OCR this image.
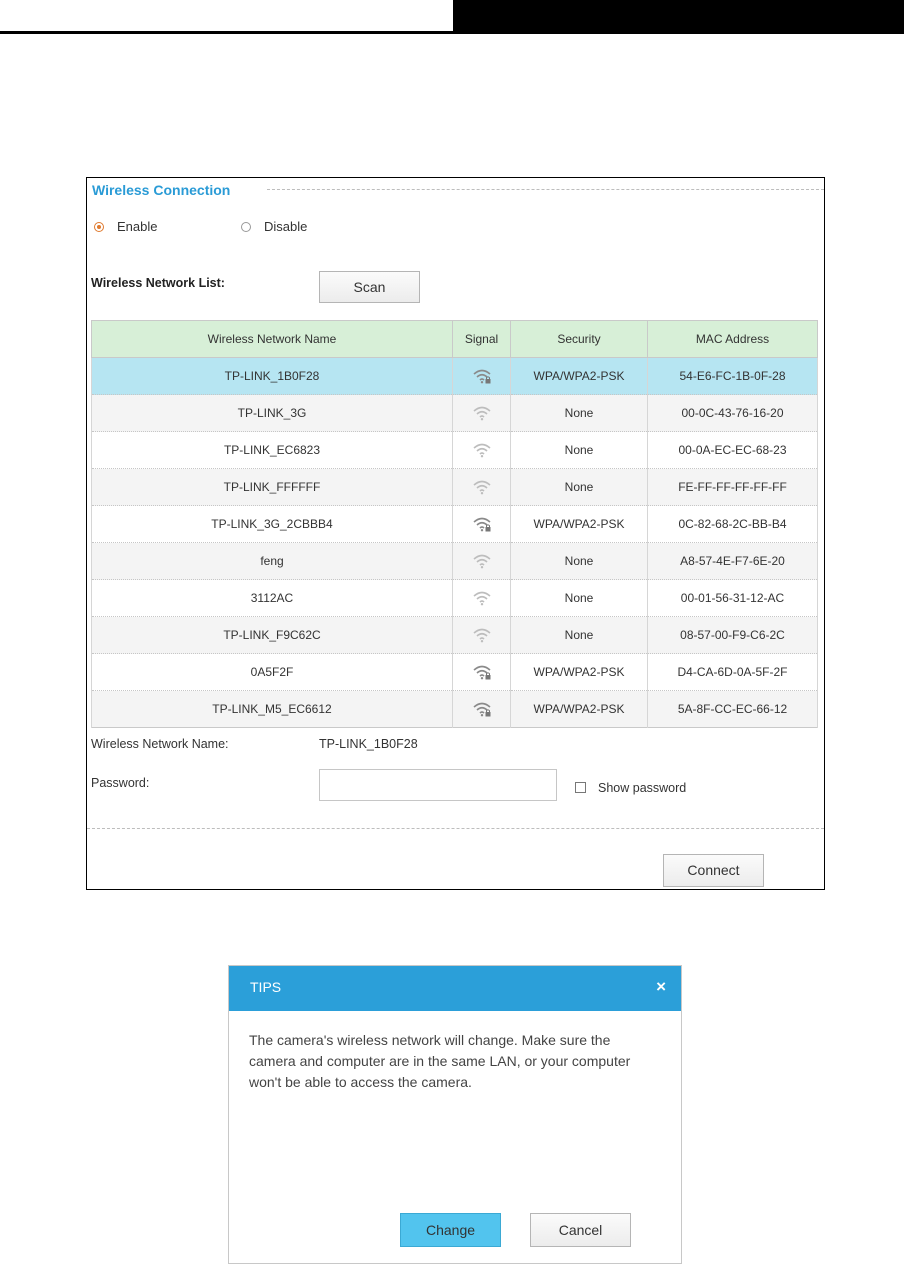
Wireless Connection
Enable	Disable
Wireless Network List:	Scan
Wireless Network Name	Signal	Security	MAC Address
TP-LINK_1B0F28		WPA/WPA2-PSK	54-E6-FC-1B-0F-28
TP-LINK_3G		None	00-0C-43-76-16-20
TP-LINK_EC6823		None	00-0A-EC-EC-68-23
TP-LINK_FFFFFF		None	FE-FF-FF-FF-FF-FF
TP-LINK_3G_2CBBB4		WPA/WPA2-PSK	0C-82-68-2C-BB-B4
feng		None	A8-57-4E-F7-6E-20
3112AC		None	00-01-56-31-12-AC
TP-LINK_F9C62C		None	08-57-00-F9-C6-2C
0A5F2F		WPA/WPA2-PSK	D4-CA-6D-0A-5F-2F
TP-LINK_M5_EC6612		WPA/WPA2-PSK	5A-8F-CC-EC-66-12
Wireless Network Name:	TP-LINK_1B0F28
Password:	Show password
Connect
TIPS	×
The camera's wireless network will change. Make sure the camera and computer are in the same LAN, or your computer won't be able to access the camera.
Change	Cancel
